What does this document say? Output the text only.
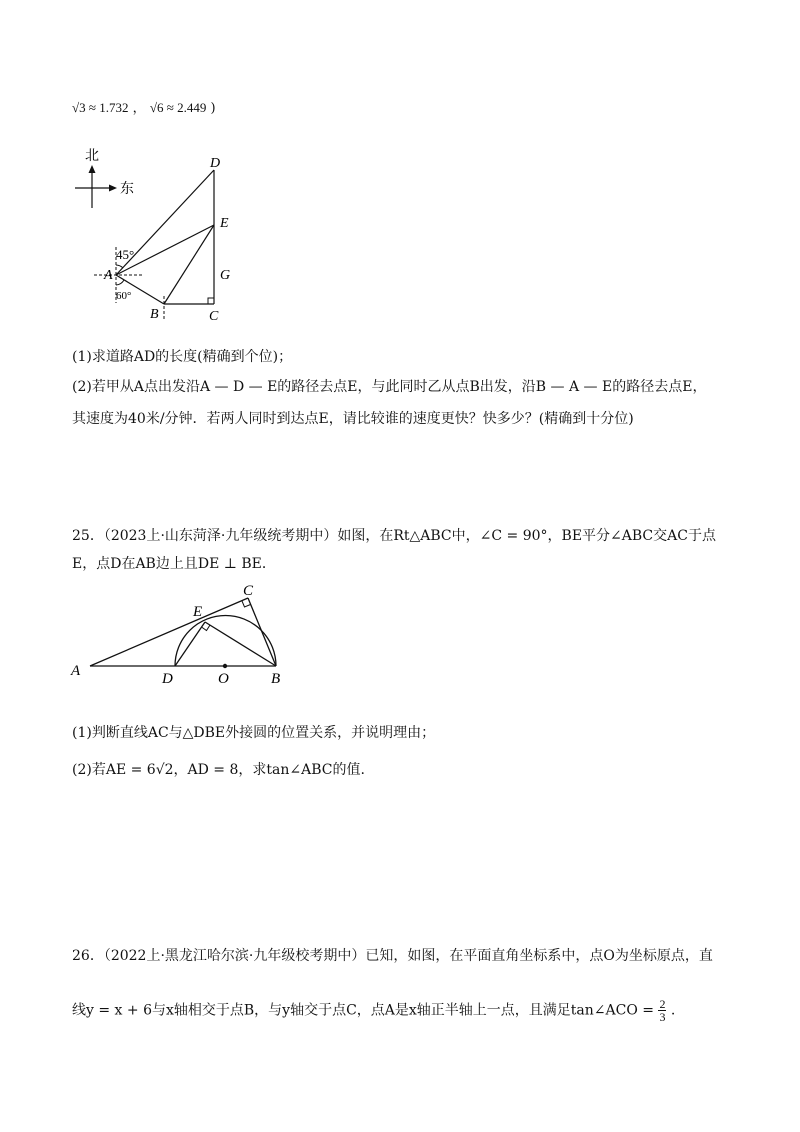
√3 ≈ 1.732 ， √6 ≈ 2.449 )
北
东
45°
60°
A
B	C
D
E
G
(1)求道路AD的长度(精确到个位)；
(2)若甲从A点出发沿A — D — E的路径去点E，与此同时乙从点B出发，沿B — A — E的路径去点E，
其速度为40米/分钟．若两人同时到达点E，请比较谁的速度更快？快多少？(精确到十分位)
25．（2023上·山东菏泽·九年级统考期中）如图，在Rt△ABC中，∠C = 90°，BE平分∠ABC交AC于点
E，点D在AB边上且DE ⊥ BE．
A
C
E
D	O	B
(1)判断直线AC与△DBE外接圆的位置关系，并说明理由；
(2)若AE = 6√2，AD = 8，求tan∠ABC的值.
26．（2022上·黑龙江哈尔滨·九年级校考期中）已知，如图，在平面直角坐标系中，点O为坐标原点，直
线y = x + 6与x轴相交于点B，与y轴交于点C，点A是x轴正半轴上一点，且满足tan∠ACO = $\frac{2}{3}$ .
